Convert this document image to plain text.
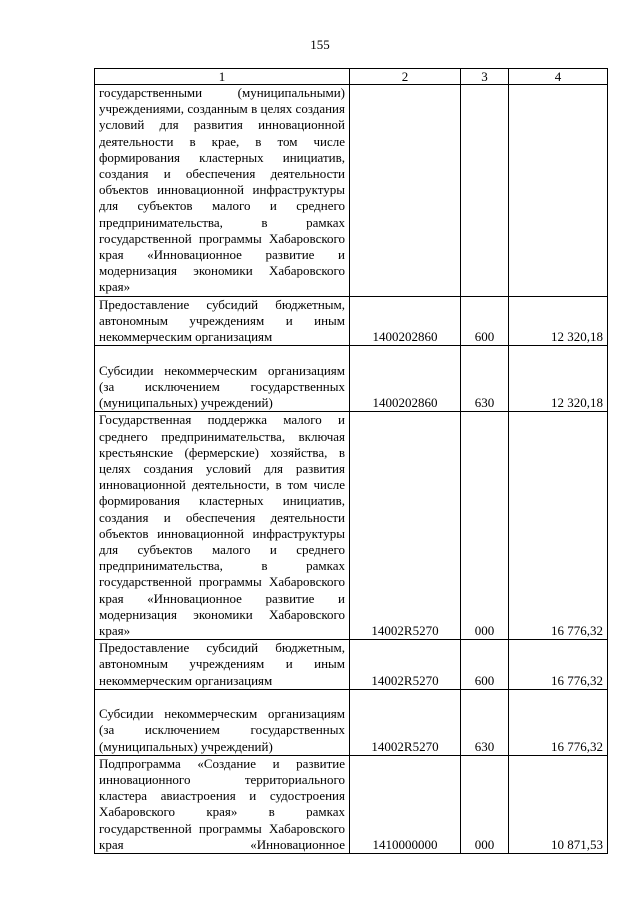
155
1	2	3	4
государственными (муниципальными) учреждениями, созданным в целях создания условий для развития инновационной деятельности в крае, в том числе формирования кластерных инициатив, создания и обеспечения деятельности объектов инновационной инфраструктуры для субъектов малого и среднего предпринимательства, в рамках государственной программы Хабаровского края «Инновационное развитие и модернизация экономики Хабаровского края»			
Предоставление субсидий бюджетным, автономным учреждениям и иным некоммерческим организациям	1400202860	600	12 320,18
Субсидии некоммерческим организациям (за исключением государственных (муниципальных) учреждений)	1400202860	630	12 320,18
Государственная поддержка малого и среднего предпринимательства, включая крестьянские (фермерские) хозяйства, в целях создания условий для развития инновационной деятельности, в том числе формирования кластерных инициатив, создания и обеспечения деятельности объектов инновационной инфраструктуры для субъектов малого и среднего предпринимательства, в рамках государственной программы Хабаровского края «Инновационное развитие и модернизация экономики Хабаровского края»	14002R5270	000	16 776,32
Предоставление субсидий бюджетным, автономным учреждениям и иным некоммерческим организациям	14002R5270	600	16 776,32
Субсидии некоммерческим организациям (за исключением государственных (муниципальных) учреждений)	14002R5270	630	16 776,32
Подпрограмма «Создание и развитие инновационного территориального кластера авиастроения и судостроения Хабаровского края» в рамках государственной программы Хабаровского края «Инновационное	1410000000	000	10 871,53
